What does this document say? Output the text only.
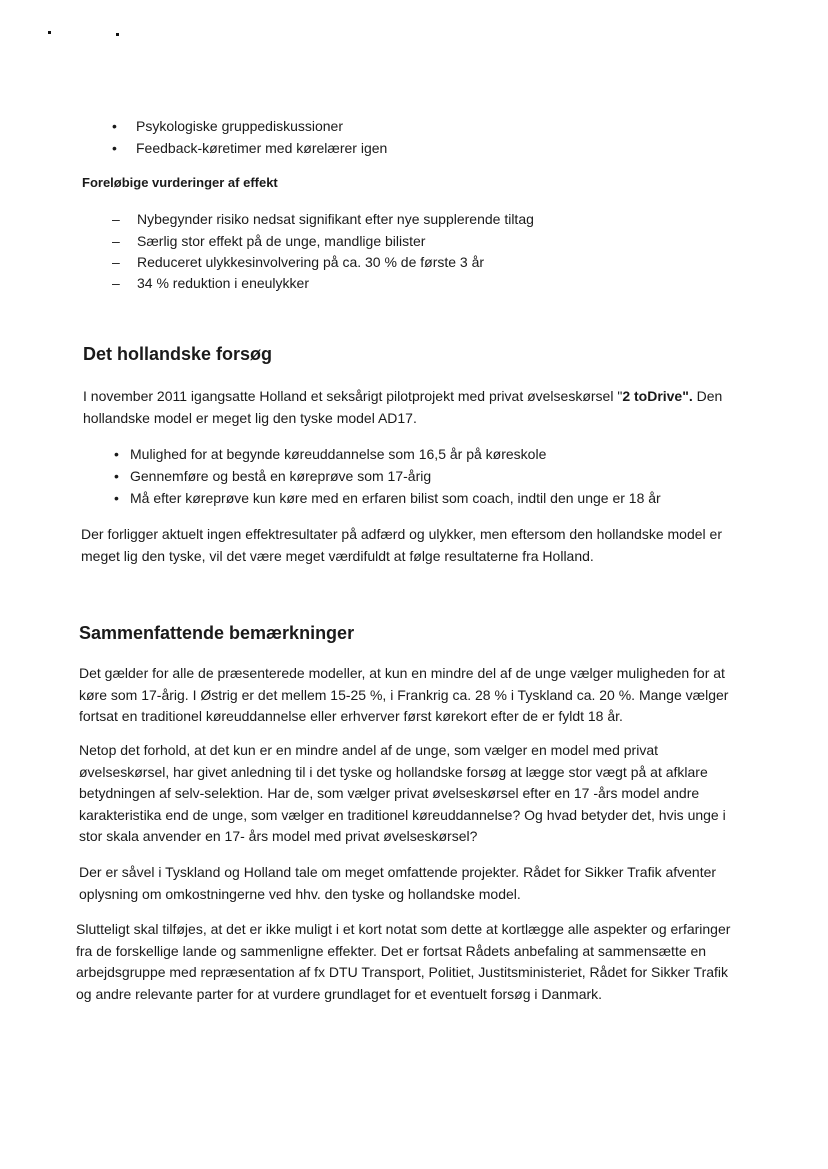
• Psykologiske gruppediskussioner
• Feedback-køretimer med kørelærer igen
Foreløbige vurderinger af effekt
– Nybegynder risiko nedsat signifikant efter nye supplerende tiltag
– Særlig stor effekt på de unge, mandlige bilister
– Reduceret ulykkesinvolvering på ca. 30 % de første 3 år
– 34 % reduktion i eneulykker
Det hollandske forsøg
I november 2011 igangsatte Holland et seksårigt pilotprojekt med privat øvelseskørsel "2 toDrive". Den
hollandske model er meget lig den tyske model AD17.
• Mulighed for at begynde køreuddannelse som 16,5 år på køreskole
• Gennemføre og bestå en køreprøve som 17-årig
• Må efter køreprøve kun køre med en erfaren bilist som coach, indtil den unge er 18 år
Der forligger aktuelt ingen effektresultater på adfærd og ulykker, men eftersom den hollandske model er
meget lig den tyske, vil det være meget værdifuldt at følge resultaterne fra Holland.
Sammenfattende bemærkninger
Det gælder for alle de præsenterede modeller, at kun en mindre del af de unge vælger muligheden for at
køre som 17-årig. I Østrig er det mellem 15-25 %, i Frankrig ca. 28 % i Tyskland ca. 20 %. Mange vælger
fortsat en traditionel køreuddannelse eller erhverver først kørekort efter de er fyldt 18 år.
Netop det forhold, at det kun er en mindre andel af de unge, som vælger en model med privat
øvelseskørsel, har givet anledning til i det tyske og hollandske forsøg at lægge stor vægt på at afklare
betydningen af selv-selektion. Har de, som vælger privat øvelseskørsel efter en 17 -års model andre
karakteristika end de unge, som vælger en traditionel køreuddannelse? Og hvad betyder det, hvis unge i
stor skala anvender en 17- års model med privat øvelseskørsel?
Der er såvel i Tyskland og Holland tale om meget omfattende projekter. Rådet for Sikker Trafik afventer
oplysning om omkostningerne ved hhv. den tyske og hollandske model.
Slutteligt skal tilføjes, at det er ikke muligt i et kort notat som dette at kortlægge alle aspekter og erfaringer
fra de forskellige lande og sammenligne effekter. Det er fortsat Rådets anbefaling at sammensætte en
arbejdsgruppe med repræsentation af fx DTU Transport, Politiet, Justitsministeriet, Rådet for Sikker Trafik
og andre relevante parter for at vurdere grundlaget for et eventuelt forsøg i Danmark.
